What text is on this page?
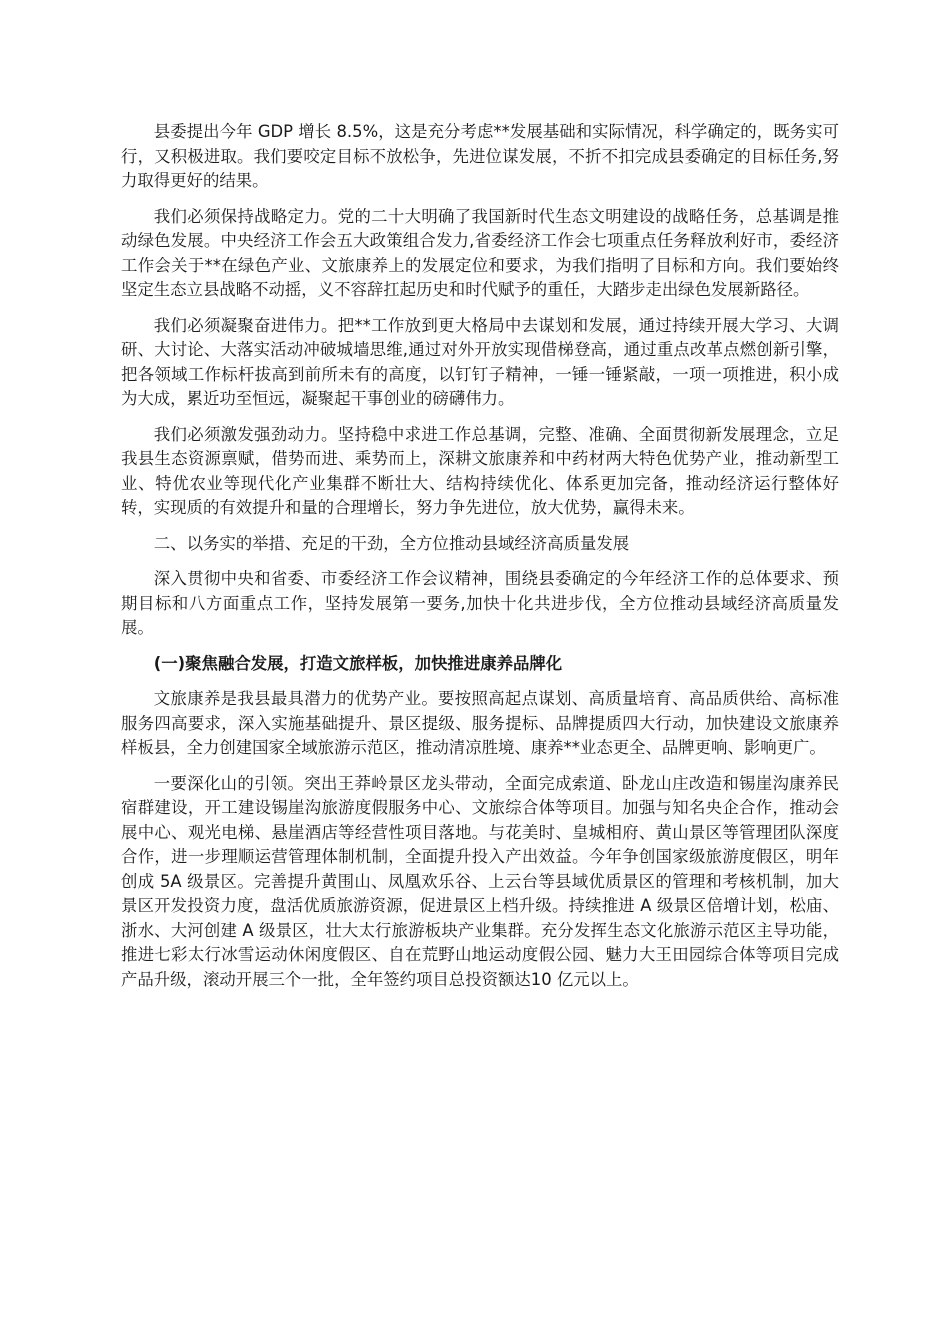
县委提出今年 GDP 增长 8.5%，这是充分考虑**发展基础和实际情况，科学确定的，既务实可行，又积极进取。我们要咬定目标不放松争，先进位谋发展，不折不扣完成县委确定的目标任务,努力取得更好的结果。

我们必须保持战略定力。党的二十大明确了我国新时代生态文明建设的战略任务，总基调是推动绿色发展。中央经济工作会五大政策组合发力,省委经济工作会七项重点任务释放利好市，委经济工作会关于**在绿色产业、文旅康养上的发展定位和要求，为我们指明了目标和方向。我们要始终坚定生态立县战略不动摇，义不容辞扛起历史和时代赋予的重任，大踏步走出绿色发展新路径。

我们必须凝聚奋进伟力。把**工作放到更大格局中去谋划和发展，通过持续开展大学习、大调研、大讨论、大落实活动冲破城墙思维,通过对外开放实现借梯登高，通过重点改革点燃创新引擎，把各领域工作标杆拔高到前所未有的高度，以钉钉子精神，一锤一锤紧敲，一项一项推进，积小成为大成，累近功至恒远，凝聚起干事创业的磅礴伟力。

我们必须激发强劲动力。坚持稳中求进工作总基调，完整、准确、全面贯彻新发展理念，立足我县生态资源禀赋，借势而进、乘势而上，深耕文旅康养和中药材两大特色优势产业，推动新型工业、特优农业等现代化产业集群不断壮大、结构持续优化、体系更加完备，推动经济运行整体好转，实现质的有效提升和量的合理增长，努力争先进位，放大优势，赢得未来。

二、以务实的举措、充足的干劲，全方位推动县域经济高质量发展

深入贯彻中央和省委、市委经济工作会议精神，围绕县委确定的今年经济工作的总体要求、预期目标和八方面重点工作，坚持发展第一要务,加快十化共进步伐，全方位推动县域经济高质量发展。

(一)聚焦融合发展，打造文旅样板，加快推进康养品牌化

文旅康养是我县最具潜力的优势产业。要按照高起点谋划、高质量培育、高品质供给、高标准服务四高要求，深入实施基础提升、景区提级、服务提标、品牌提质四大行动，加快建设文旅康养样板县，全力创建国家全域旅游示范区，推动清凉胜境、康养**业态更全、品牌更响、影响更广。

一要深化山的引领。突出王莽岭景区龙头带动，全面完成索道、卧龙山庄改造和锡崖沟康养民宿群建设，开工建设锡崖沟旅游度假服务中心、文旅综合体等项目。加强与知名央企合作，推动会展中心、观光电梯、悬崖酒店等经营性项目落地。与花美时、皇城相府、黄山景区等管理团队深度合作，进一步理顺运营管理体制机制，全面提升投入产出效益。今年争创国家级旅游度假区，明年创成 5A 级景区。完善提升黄围山、凤凰欢乐谷、上云台等县域优质景区的管理和考核机制，加大景区开发投资力度，盘活优质旅游资源，促进景区上档升级。持续推进 A 级景区倍增计划，松庙、浙水、大河创建 A 级景区，壮大太行旅游板块产业集群。充分发挥生态文化旅游示范区主导功能，推进七彩太行冰雪运动休闲度假区、自在荒野山地运动度假公园、魅力大王田园综合体等项目完成产品升级，滚动开展三个一批，全年签约项目总投资额达10 亿元以上。
